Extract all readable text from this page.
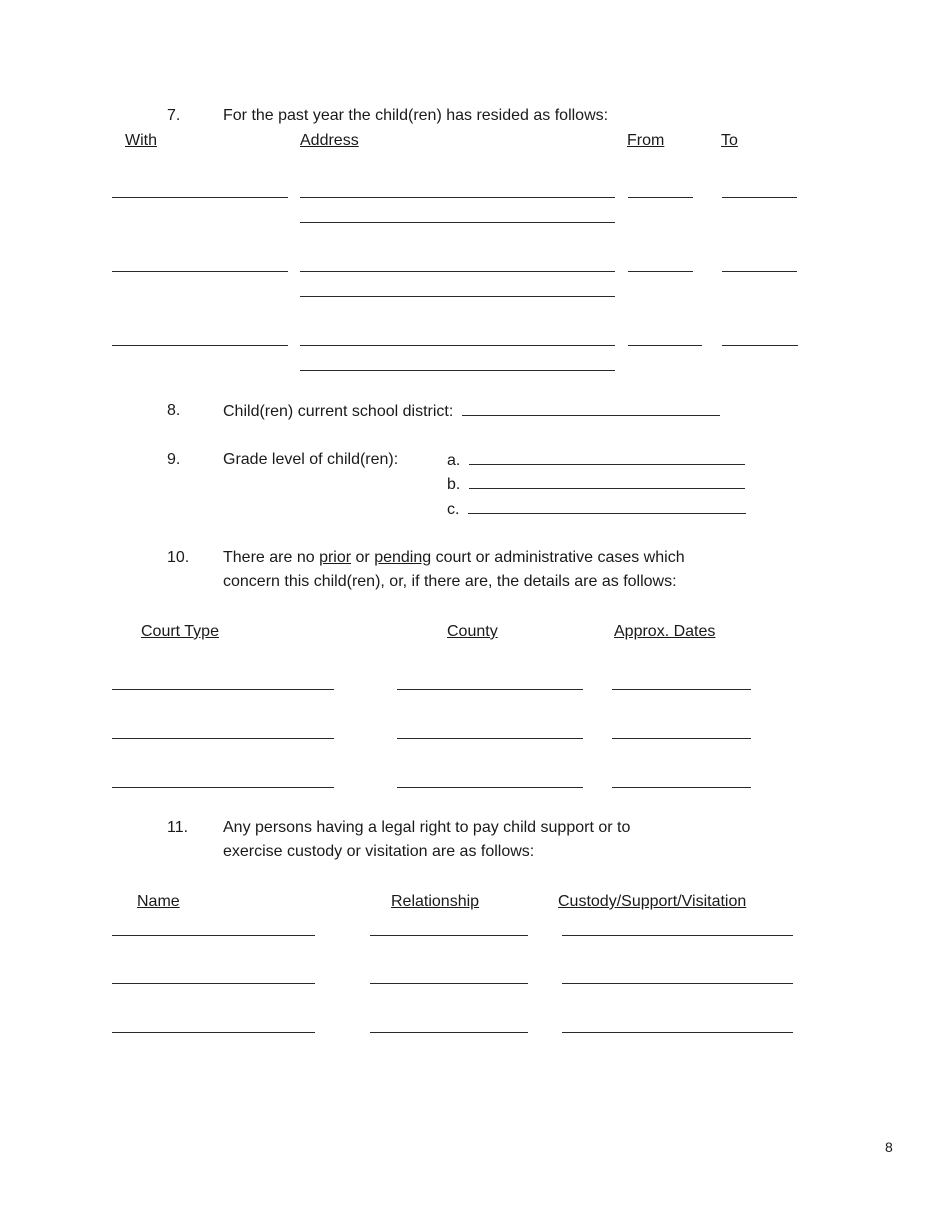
7.	For the past year the child(ren) has resided as follows:
With	Address	From	To
8.	Child(ren) current school district:
9.	Grade level of child(ren):	a.
b.
c.
10. There are no prior or pending court or administrative cases which
concern this child(ren), or, if there are, the details are as follows:
Court Type	County	Approx. Dates
11. Any persons having a legal right to pay child support or to
exercise custody or visitation are as follows:
Name	Relationship	Custody/Support/Visitation
8
